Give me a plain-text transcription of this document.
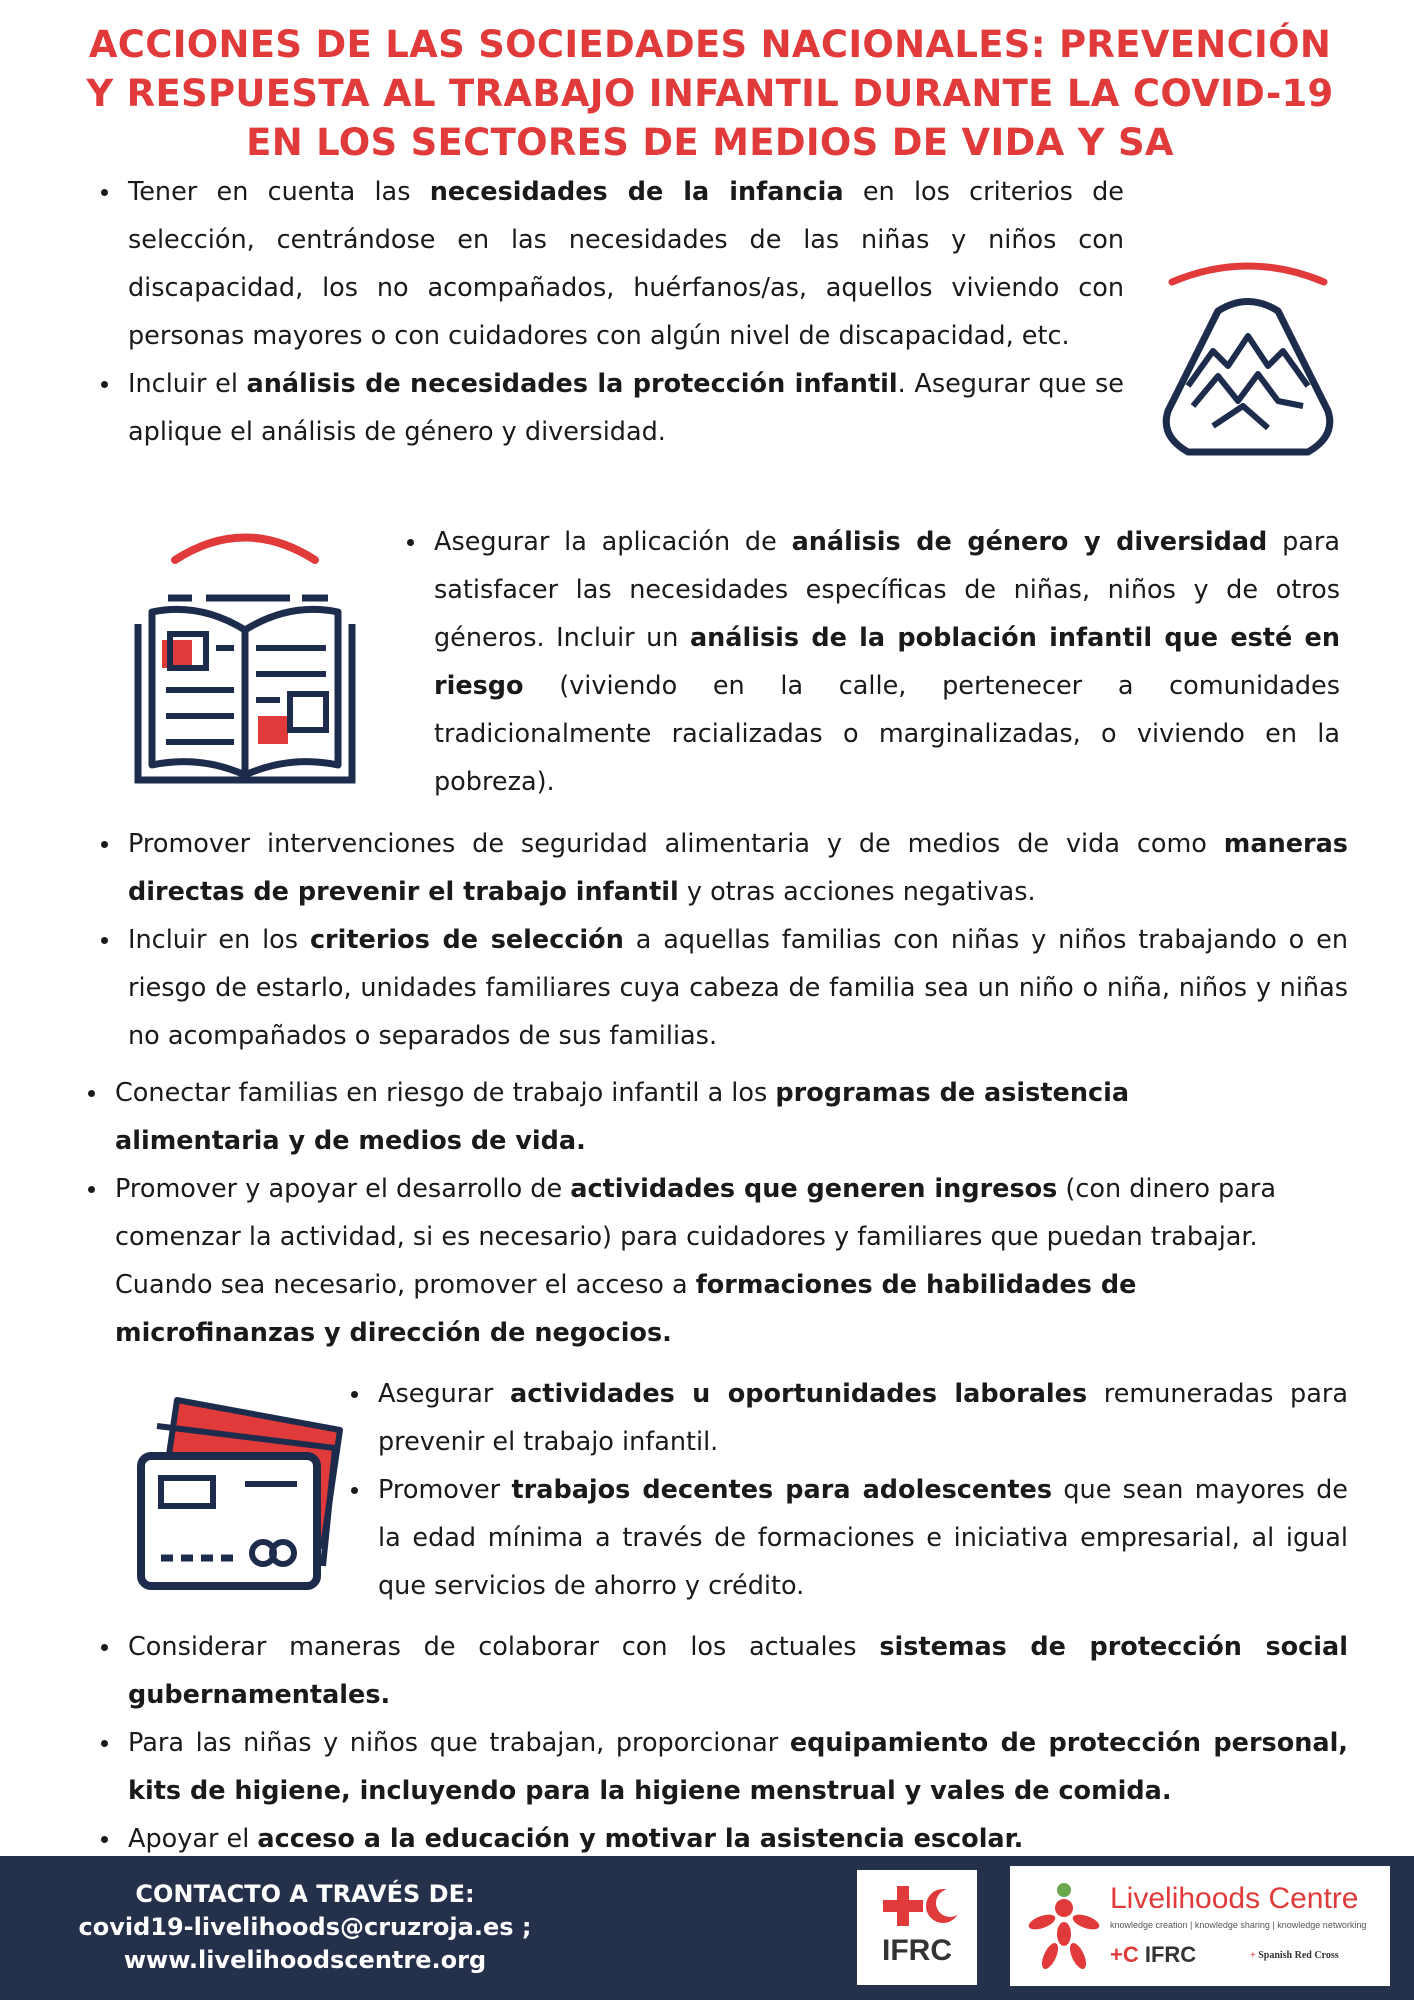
ACCIONES DE LAS SOCIEDADES NACIONALES: PREVENCIÓN
Y RESPUESTA AL TRABAJO INFANTIL DURANTE LA COVID-19
EN LOS SECTORES DE MEDIOS DE VIDA Y SA
Tener en cuenta las necesidades de la infancia en los criterios de selección, centrándose en las necesidades de las niñas y niños con discapacidad, los no acompañados, huérfanos/as, aquellos viviendo con personas mayores o con cuidadores con algún nivel de discapacidad, etc.
Incluir el análisis de necesidades la protección infantil. Asegurar que se aplique el análisis de género y diversidad.
Asegurar la aplicación de análisis de género y diversidad para satisfacer las necesidades específicas de niñas, niños y de otros géneros. Incluir un análisis de la población infantil que esté en riesgo (viviendo en la calle, pertenecer a comunidades tradicionalmente racializadas o marginalizadas, o viviendo en la pobreza).
Promover intervenciones de seguridad alimentaria y de medios de vida como maneras directas de prevenir el trabajo infantil y otras acciones negativas.
Incluir en los criterios de selección a aquellas familias con niñas y niños trabajando o en riesgo de estarlo, unidades familiares cuya cabeza de familia sea un niño o niña, niños y niñas no acompañados o separados de sus familias.
Conectar familias en riesgo de trabajo infantil a los programas de asistencia alimentaria y de medios de vida.
Promover y apoyar el desarrollo de actividades que generen ingresos (con dinero para comenzar la actividad, si es necesario) para cuidadores y familiares que puedan trabajar. Cuando sea necesario, promover el acceso a formaciones de habilidades de microfinanzas y dirección de negocios.
Asegurar actividades u oportunidades laborales remuneradas para prevenir el trabajo infantil.
Promover trabajos decentes para adolescentes que sean mayores de la edad mínima a través de formaciones e iniciativa empresarial, al igual que servicios de ahorro y crédito.
Considerar maneras de colaborar con los actuales sistemas de protección social gubernamentales.
Para las niñas y niños que trabajan, proporcionar equipamiento de protección personal, kits de higiene, incluyendo para la higiene menstrual y vales de comida.
Apoyar el acceso a la educación y motivar la asistencia escolar.
CONTACTO A TRAVÉS DE:
covid19-livelihoods@cruzroja.es ;
www.livelihoodscentre.org	IFRC
Livelihoods Centre
knowledge creation | knowledge sharing | knowledge networking
+C IFRC	+ Spanish Red Cross
